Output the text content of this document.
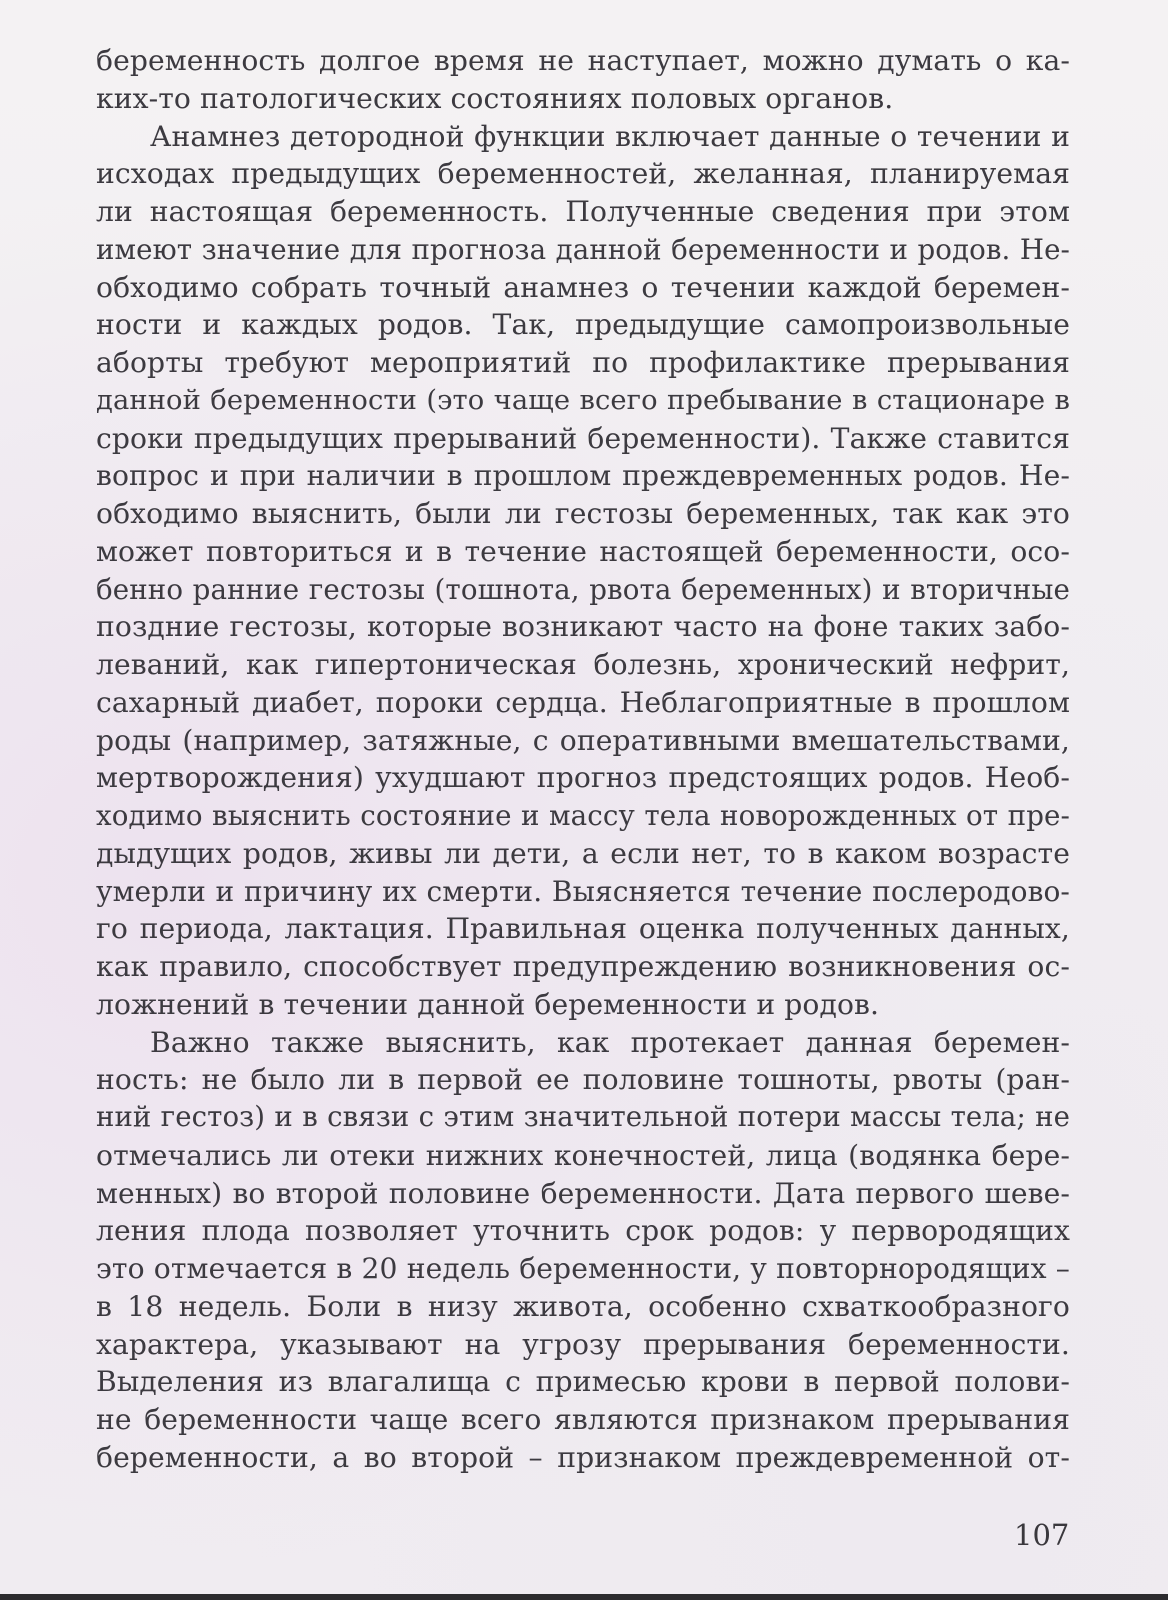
беременность долгое время не наступает, можно думать о ка-
ких-то патологических состояниях половых органов.
Анамнез детородной функции включает данные о течении и
исходах предыдущих беременностей, желанная, планируемая
ли настоящая беременность. Полученные сведения при этом
имеют значение для прогноза данной беременности и родов. Не-
обходимо собрать точный анамнез о течении каждой беремен-
ности и каждых родов. Так, предыдущие самопроизвольные
аборты требуют мероприятий по профилактике прерывания
данной беременности (это чаще всего пребывание в стационаре в
сроки предыдущих прерываний беременности). Также ставится
вопрос и при наличии в прошлом преждевременных родов. Не-
обходимо выяснить, были ли гестозы беременных, так как это
может повториться и в течение настоящей беременности, осо-
бенно ранние гестозы (тошнота, рвота беременных) и вторичные
поздние гестозы, которые возникают часто на фоне таких забо-
леваний, как гипертоническая болезнь, хронический нефрит,
сахарный диабет, пороки сердца. Неблагоприятные в прошлом
роды (например, затяжные, с оперативными вмешательствами,
мертворождения) ухудшают прогноз предстоящих родов. Необ-
ходимо выяснить состояние и массу тела новорожденных от пре-
дыдущих родов, живы ли дети, а если нет, то в каком возрасте
умерли и причину их смерти. Выясняется течение послеродово-
го периода, лактация. Правильная оценка полученных данных,
как правило, способствует предупреждению возникновения ос-
ложнений в течении данной беременности и родов.
Важно также выяснить, как протекает данная беремен-
ность: не было ли в первой ее половине тошноты, рвоты (ран-
ний гестоз) и в связи с этим значительной потери массы тела; не
отмечались ли отеки нижних конечностей, лица (водянка бере-
менных) во второй половине беременности. Дата первого шеве-
ления плода позволяет уточнить срок родов: у первородящих
это отмечается в 20 недель беременности, у повторнородящих –
в 18 недель. Боли в низу живота, особенно схваткообразного
характера, указывают на угрозу прерывания беременности.
Выделения из влагалища с примесью крови в первой полови-
не беременности чаще всего являются признаком прерывания
беременности, а во второй – признаком преждевременной от-
107
